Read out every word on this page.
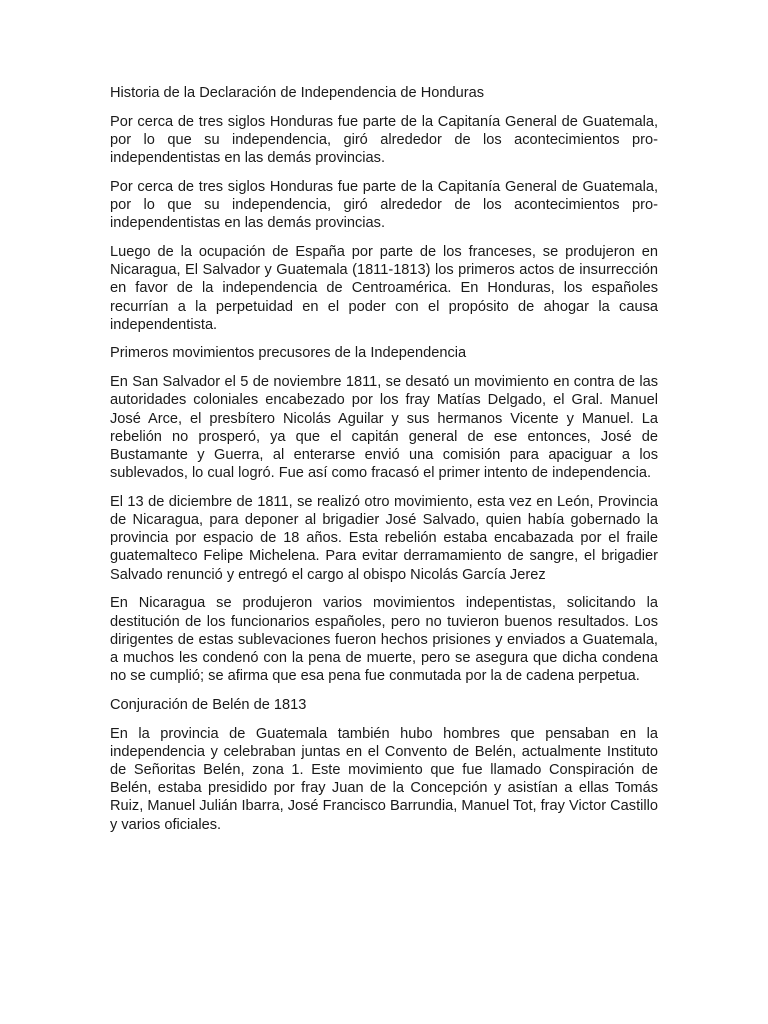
Historia de la Declaración de Independencia de Honduras

Por cerca de tres siglos Honduras fue parte de la Capitanía General de Guatemala, por lo que su independencia, giró alrededor de los acontecimientos pro-independentistas en las demás provincias.

Por cerca de tres siglos Honduras fue parte de la Capitanía General de Guatemala, por lo que su independencia, giró alrededor de los acontecimientos pro-independentistas en las demás provincias.

Luego de la ocupación de España por parte de los franceses, se produjeron en Nicaragua, El Salvador y Guatemala (1811-1813) los primeros actos de insurrección en favor de la independencia de Centroamérica. En Honduras, los españoles recurrían a la perpetuidad en el poder con el propósito de ahogar la causa independentista.

Primeros movimientos precusores de la Independencia

En San Salvador el 5 de noviembre 1811, se desató un movimiento en contra de las autoridades coloniales encabezado por los fray Matías Delgado, el Gral. Manuel José Arce, el presbítero Nicolás Aguilar y sus hermanos Vicente y Manuel. La rebelión no prosperó, ya que el capitán general de ese entonces, José de Bustamante y Guerra, al enterarse envió una comisión para apaciguar a los sublevados, lo cual logró. Fue así como fracasó el primer intento de independencia.

El 13 de diciembre de 1811, se realizó otro movimiento, esta vez en León, Provincia de Nicaragua, para deponer al brigadier José Salvado, quien había gobernado la provincia por espacio de 18 años. Esta rebelión estaba encabazada por el fraile guatemalteco Felipe Michelena. Para evitar derramamiento de sangre, el brigadier Salvado renunció y entregó el cargo al obispo Nicolás García Jerez

En Nicaragua se produjeron varios movimientos indepentistas, solicitando la destitución de los funcionarios españoles, pero no tuvieron buenos resultados. Los dirigentes de estas sublevaciones fueron hechos prisiones y enviados a Guatemala, a muchos les condenó con la pena de muerte, pero se asegura que dicha condena no se cumplió; se afirma que esa pena fue conmutada por la de cadena perpetua.

Conjuración de Belén de 1813

En la provincia de Guatemala también hubo hombres que pensaban en la independencia y celebraban juntas en el Convento de Belén, actualmente Instituto de Señoritas Belén, zona 1. Este movimiento que fue llamado Conspiración de Belén, estaba presidido por fray Juan de la Concepción y asistían a ellas Tomás Ruiz, Manuel Julián Ibarra, José Francisco Barrundia, Manuel Tot, fray Victor Castillo y varios oficiales.
